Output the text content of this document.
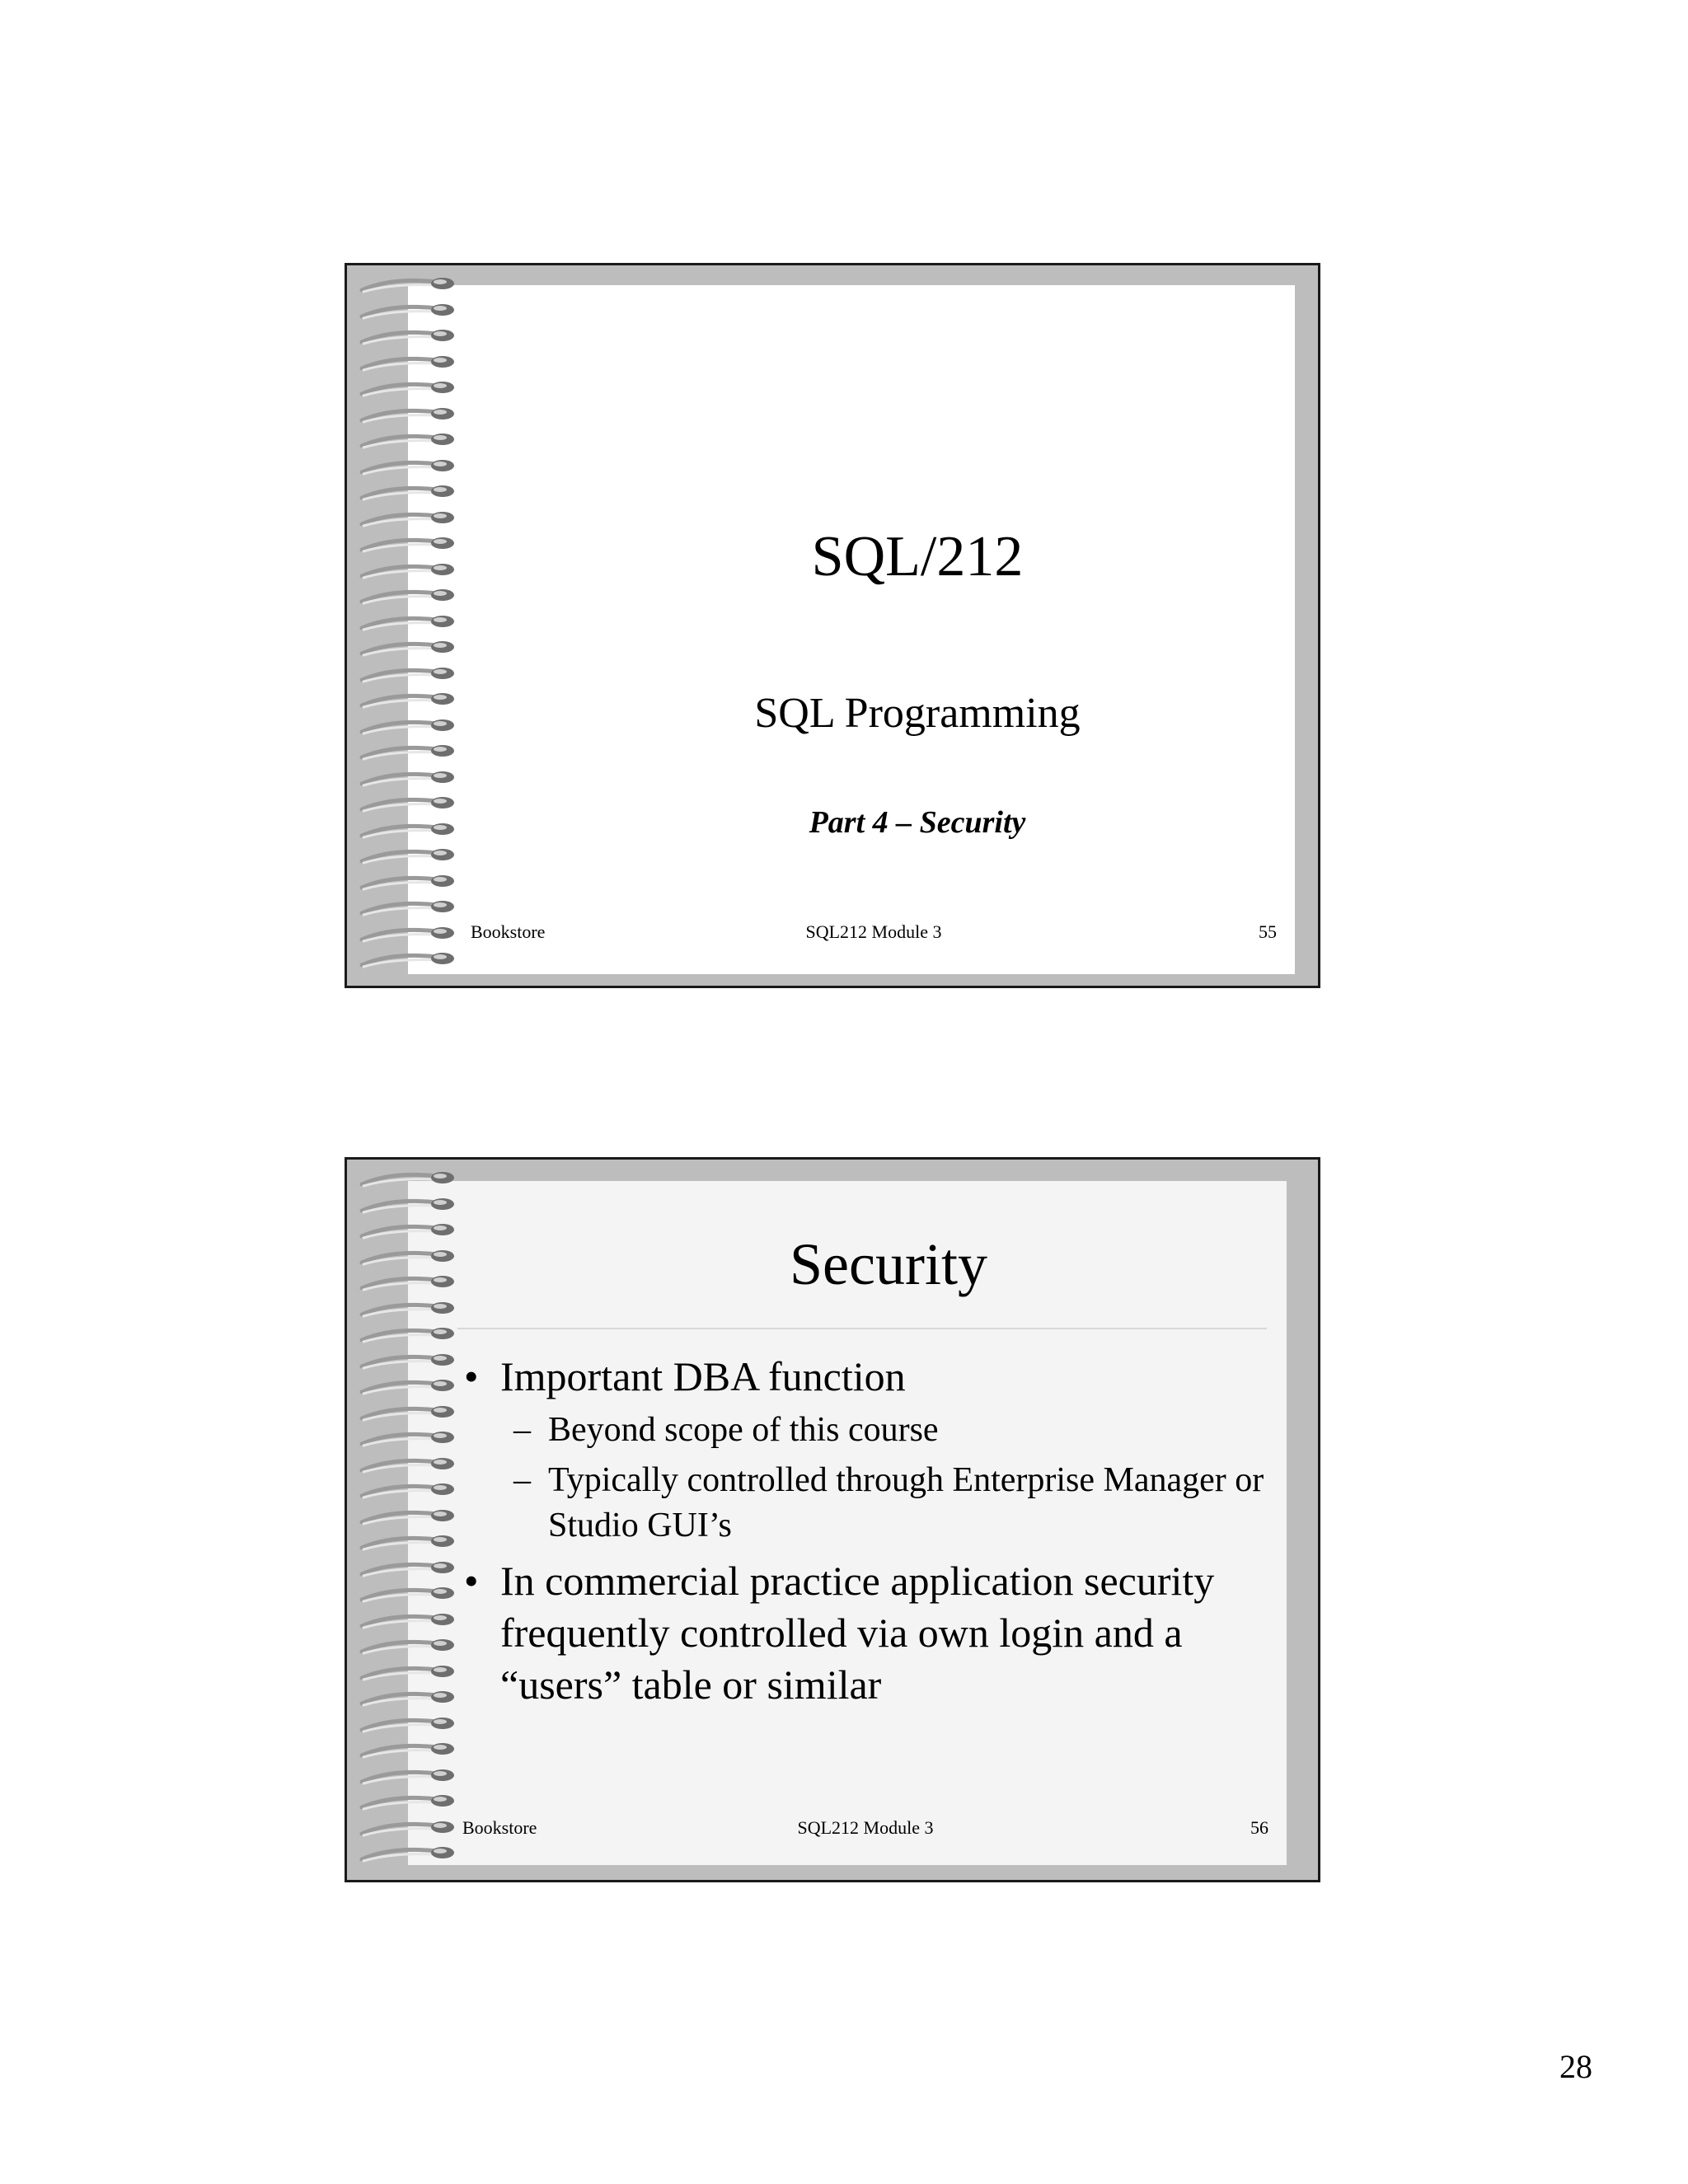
SQL/212
SQL Programming
Part 4 – Security
Bookstore	SQL212 Module 3	55
Security
• Important DBA function
– Beyond scope of this course
– Typically controlled through Enterprise Manager or Studio GUI’s
• In commercial practice application security frequently controlled via own login and a “users” table or similar
Bookstore	SQL212 Module 3	56
28
